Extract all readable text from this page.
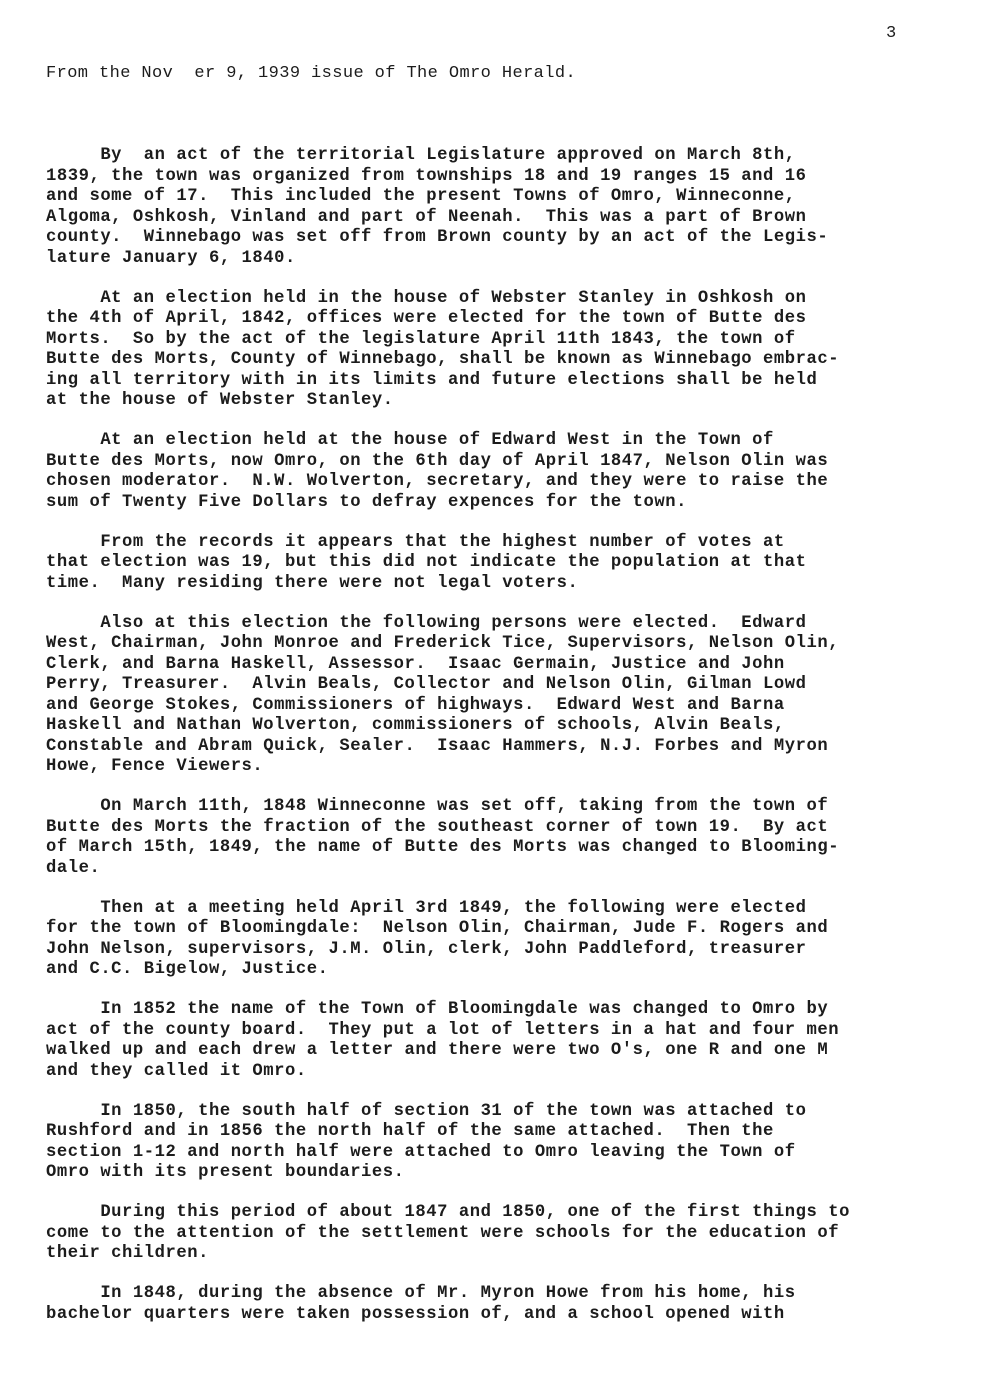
3
From the Nov  er 9, 1939 issue of The Omro Herald.
By  an act of the territorial Legislature approved on March 8th,
1839, the town was organized from townships 18 and 19 ranges 15 and 16
and some of 17.  This included the present Towns of Omro, Winneconne,
Algoma, Oshkosh, Vinland and part of Neenah.  This was a part of Brown
county.  Winnebago was set off from Brown county by an act of the Legis-
lature January 6, 1840.
At an election held in the house of Webster Stanley in Oshkosh on
the 4th of April, 1842, offices were elected for the town of Butte des
Morts.  So by the act of the legislature April 11th 1843, the town of
Butte des Morts, County of Winnebago, shall be known as Winnebago embrac-
ing all territory with in its limits and future elections shall be held
at the house of Webster Stanley.
At an election held at the house of Edward West in the Town of
Butte des Morts, now Omro, on the 6th day of April 1847, Nelson Olin was
chosen moderator.  N.W. Wolverton, secretary, and they were to raise the
sum of Twenty Five Dollars to defray expences for the town.
From the records it appears that the highest number of votes at
that election was 19, but this did not indicate the population at that
time.  Many residing there were not legal voters.
Also at this election the following persons were elected.  Edward
West, Chairman, John Monroe and Frederick Tice, Supervisors, Nelson Olin,
Clerk, and Barna Haskell, Assessor.  Isaac Germain, Justice and John
Perry, Treasurer.  Alvin Beals, Collector and Nelson Olin, Gilman Lowd
and George Stokes, Commissioners of highways.  Edward West and Barna
Haskell and Nathan Wolverton, commissioners of schools, Alvin Beals,
Constable and Abram Quick, Sealer.  Isaac Hammers, N.J. Forbes and Myron
Howe, Fence Viewers.
On March 11th, 1848 Winneconne was set off, taking from the town of
Butte des Morts the fraction of the southeast corner of town 19.  By act
of March 15th, 1849, the name of Butte des Morts was changed to Blooming-
dale.
Then at a meeting held April 3rd 1849, the following were elected
for the town of Bloomingdale:  Nelson Olin, Chairman, Jude F. Rogers and
John Nelson, supervisors, J.M. Olin, clerk, John Paddleford, treasurer
and C.C. Bigelow, Justice.
In 1852 the name of the Town of Bloomingdale was changed to Omro by
act of the county board.  They put a lot of letters in a hat and four men
walked up and each drew a letter and there were two O's, one R and one M
and they called it Omro.
In 1850, the south half of section 31 of the town was attached to
Rushford and in 1856 the north half of the same attached.  Then the
section 1-12 and north half were attached to Omro leaving the Town of
Omro with its present boundaries.
During this period of about 1847 and 1850, one of the first things to
come to the attention of the settlement were schools for the education of
their children.
In 1848, during the absence of Mr. Myron Howe from his home, his
bachelor quarters were taken possession of, and a school opened with
